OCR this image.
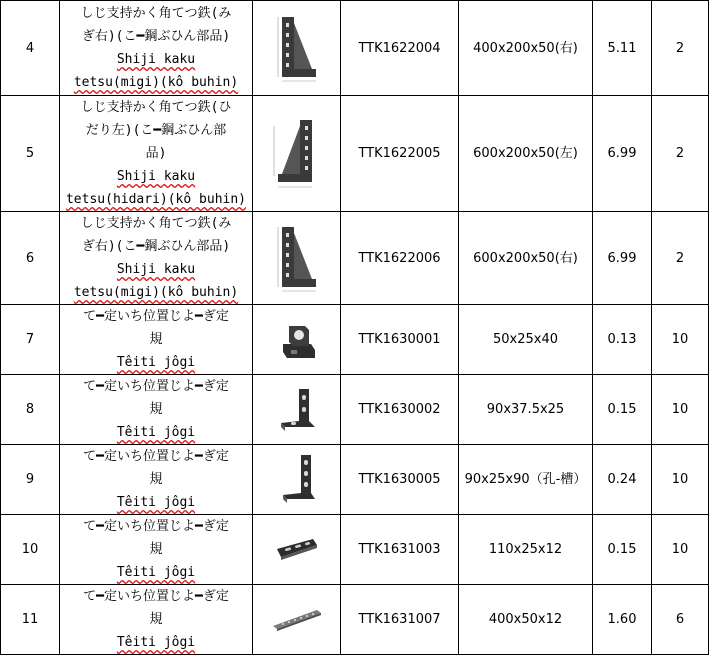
4	しじ支持かく角てつ鉄(み
ぎ右)(こ━鋼ぶひん部品)
Shiji kaku
tetsu(migi)(kô buhin)		TTK1622004	400x200x50(右)	5.11	2
5	しじ支持かく角てつ鉄(ひ
だり左)(こ━鋼ぶひん部
品)
Shiji kaku
tetsu(hidari)(kô buhin)		TTK1622005	600x200x50(左)	6.99	2
6	しじ支持かく角てつ鉄(み
ぎ右)(こ━鋼ぶひん部品)
Shiji kaku
tetsu(migi)(kô buhin)		TTK1622006	600x200x50(右)	6.99	2
7	て━定いち位置じよ━ぎ定
規
Têiti jôgi		TTK1630001	50x25x40	0.13	10
8	て━定いち位置じよ━ぎ定
規
Têiti jôgi		TTK1630002	90x37.5x25	0.15	10
9	て━定いち位置じよ━ぎ定
規
Têiti jôgi		TTK1630005	90x25x90（孔-槽）	0.24	10
10	て━定いち位置じよ━ぎ定
規
Têiti jôgi		TTK1631003	110x25x12	0.15	10
11	て━定いち位置じよ━ぎ定
規
Têiti jôgi		TTK1631007	400x50x12	1.60	6
